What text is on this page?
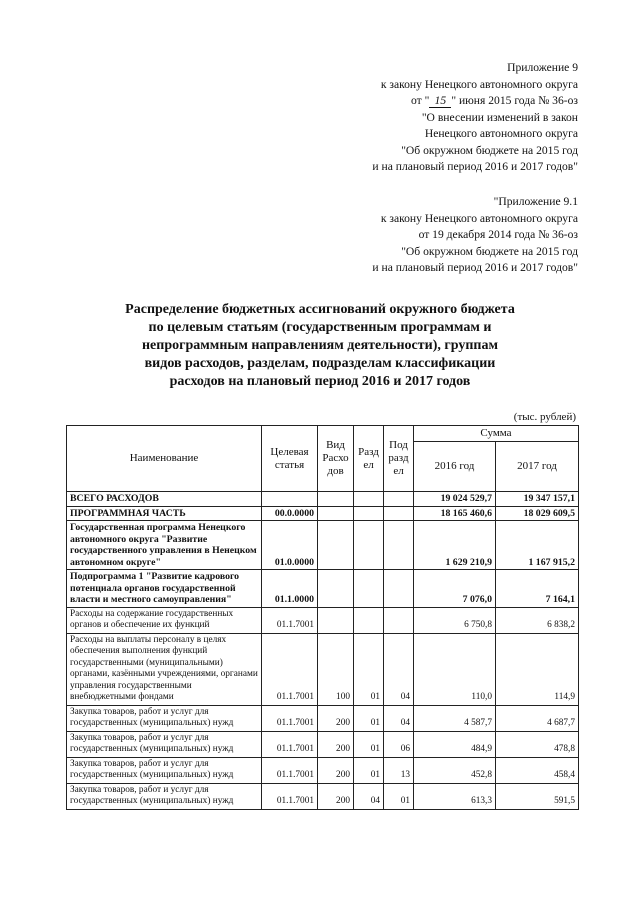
Приложение 9
к закону Ненецкого автономного округа
от " 15 " июня 2015 года № 36-оз
"О внесении изменений в закон
Ненецкого автономного округа
"Об окружном бюджете на 2015 год
и на плановый период 2016 и 2017 годов"
"Приложение 9.1
к закону Ненецкого автономного округа
от 19 декабря 2014 года № 36-оз
"Об окружном бюджете на 2015 год
и на плановый период 2016 и 2017 годов"
Распределение бюджетных ассигнований окружного бюджета
по целевым статьям (государственным программам и
непрограммным направлениям деятельности), группам
видов расходов, разделам, подразделам классификации
расходов на плановый период 2016 и 2017 годов
(тыс. рублей)
Наименование	Целевая статья	Вид Расхо дов	Разд ел	Под разд ел	Сумма	
					2016 год	2017 год
ВСЕГО РАСХОДОВ					19 024 529,7	19 347 157,1
ПРОГРАММНАЯ ЧАСТЬ	00.0.0000				18 165 460,6	18 029 609,5
Государственная программа Ненецкого автономного округа "Развитие государственного управления в Ненецком автономном округе"	01.0.0000				1 629 210,9	1 167 915,2
Подпрограмма 1 "Развитие кадрового потенциала органов государственной власти и местного самоуправления"	01.1.0000				7 076,0	7 164,1
Расходы на содержание государственных органов и обеспечение их функций	01.1.7001				6 750,8	6 838,2
Расходы на выплаты персоналу в целях обеспечения выполнения функций государственными (муниципальными) органами, казёнными учреждениями, органами управления государственными внебюджетными фондами	01.1.7001	100	01	04	110,0	114,9
Закупка товаров, работ и услуг для государственных (муниципальных) нужд	01.1.7001	200	01	04	4 587,7	4 687,7
Закупка товаров, работ и услуг для государственных (муниципальных) нужд	01.1.7001	200	01	06	484,9	478,8
Закупка товаров, работ и услуг для государственных (муниципальных) нужд	01.1.7001	200	01	13	452,8	458,4
Закупка товаров, работ и услуг для государственных (муниципальных) нужд	01.1.7001	200	04	01	613,3	591,5
